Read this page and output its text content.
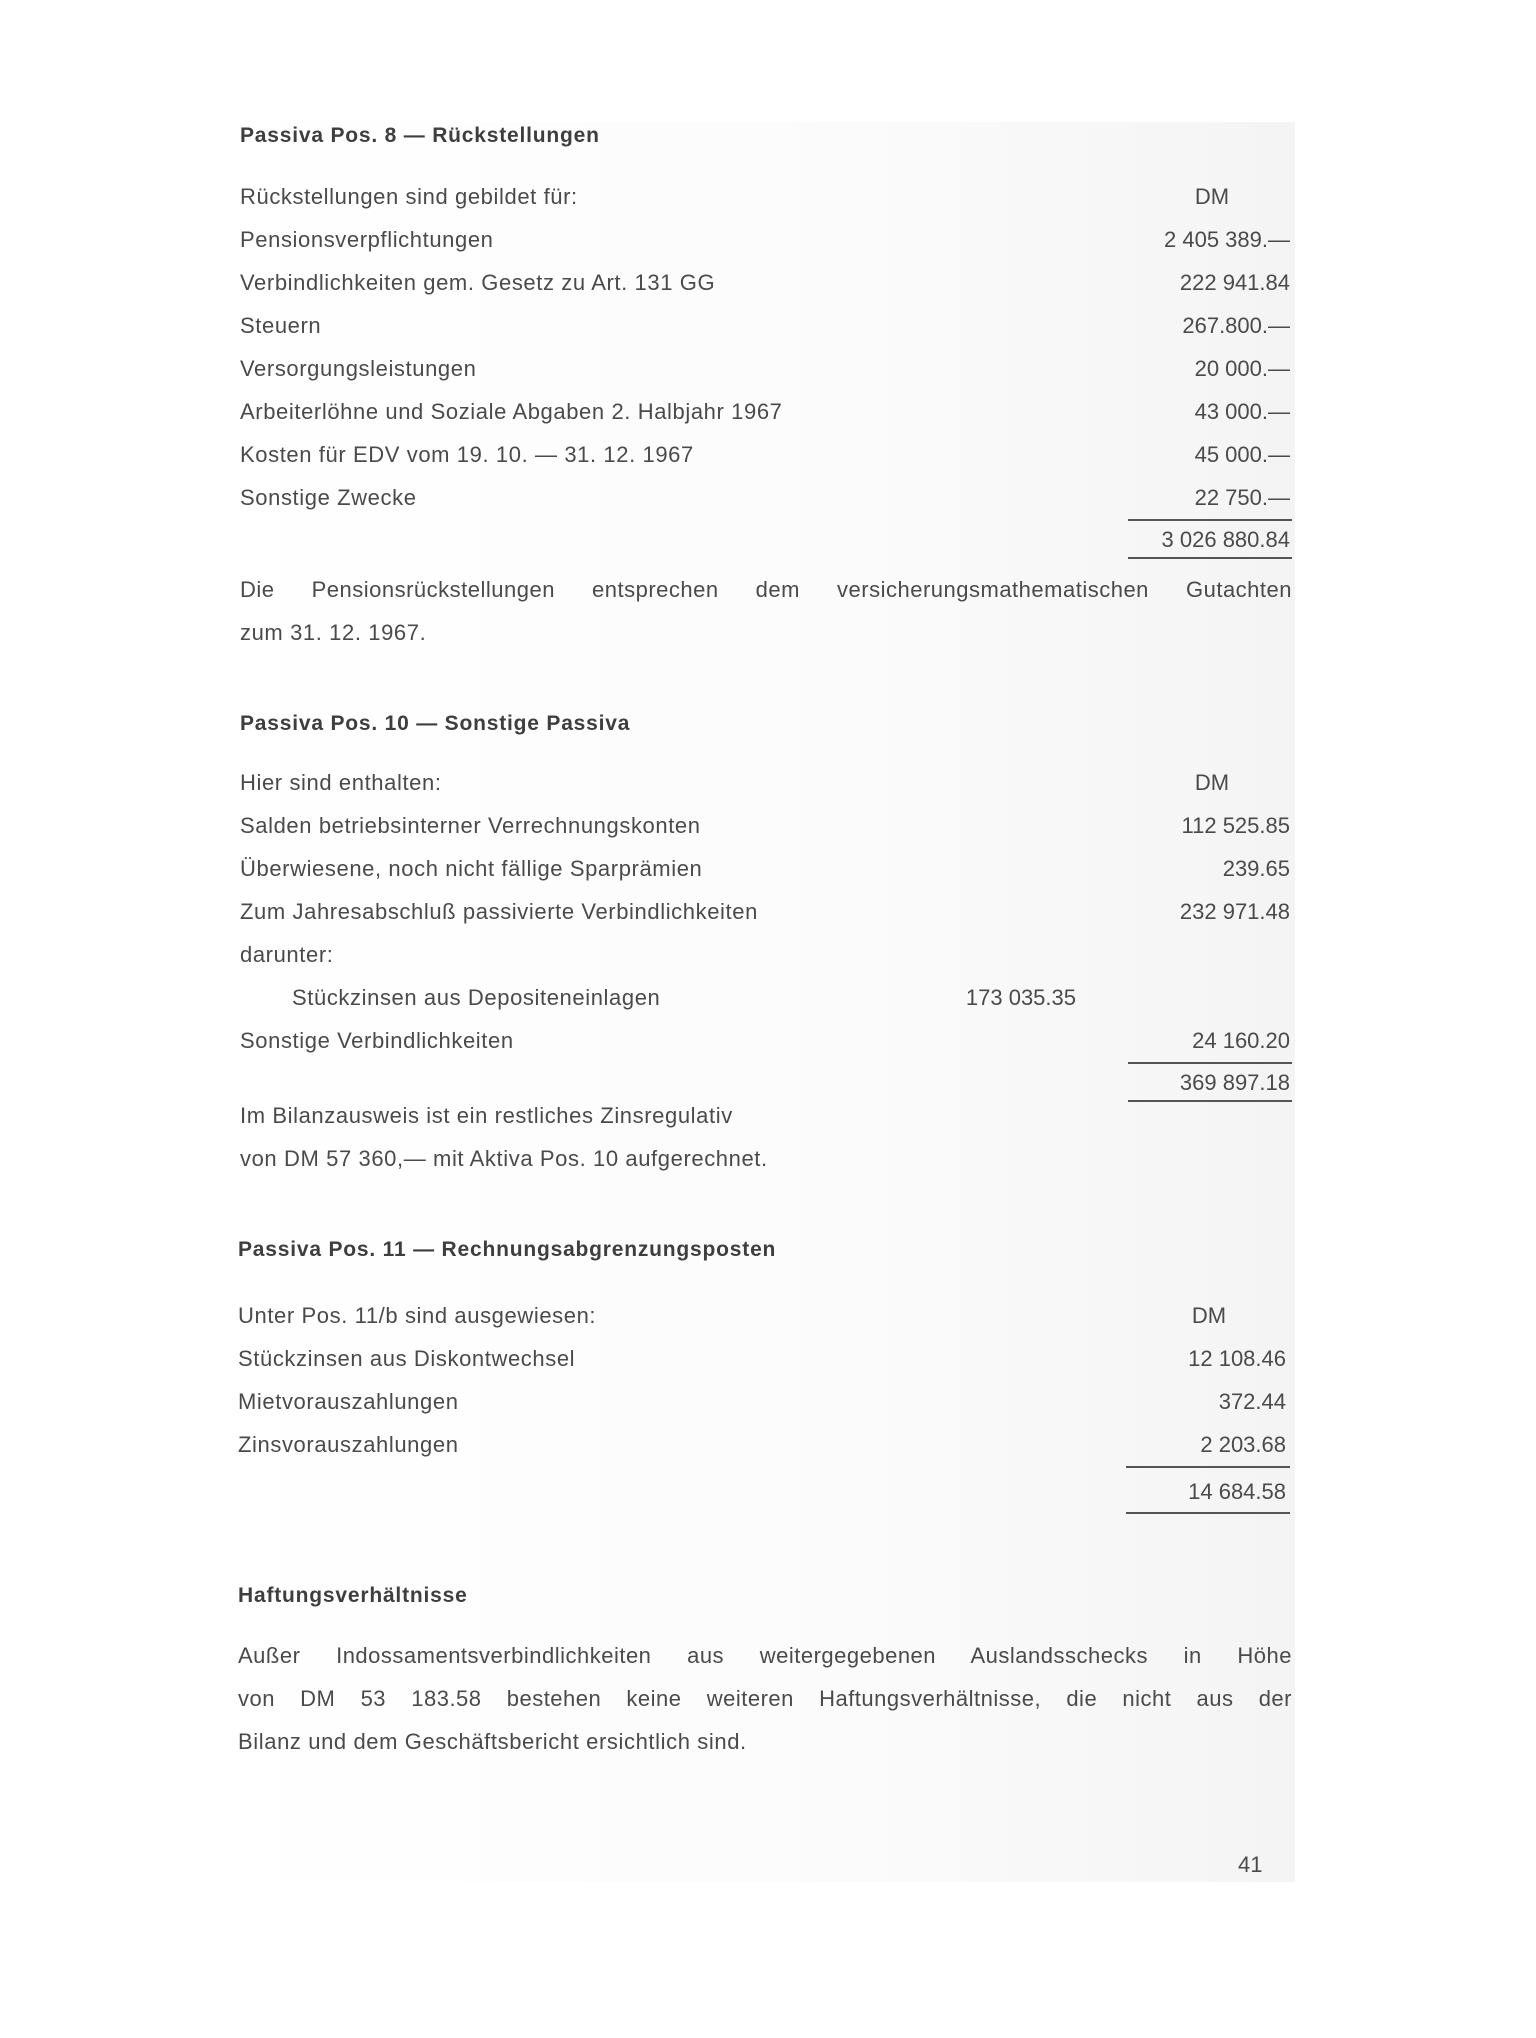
Passiva Pos. 8 — Rückstellungen
Rückstellungen sind gebildet für:	DM
Pensionsverpflichtungen	2 405 389.—
Verbindlichkeiten gem. Gesetz zu Art. 131 GG	222 941.84
Steuern	267.800.—
Versorgungsleistungen	20 000.—
Arbeiterlöhne und Soziale Abgaben 2. Halbjahr 1967	43 000.—
Kosten für EDV vom 19. 10. — 31. 12. 1967	45 000.—
Sonstige Zwecke	22 750.—
3 026 880.84
Die Pensionsrückstellungen entsprechen dem versicherungsmathematischen Gutachten
zum 31. 12. 1967.
Passiva Pos. 10 — Sonstige Passiva
Hier sind enthalten:	DM
Salden betriebsinterner Verrechnungskonten	112 525.85
Überwiesene, noch nicht fällige Sparprämien	239.65
Zum Jahresabschluß passivierte Verbindlichkeiten	232 971.48
darunter:
Stückzinsen aus Depositeneinlagen	173 035.35
Sonstige Verbindlichkeiten	24 160.20
369 897.18
Im Bilanzausweis ist ein restliches Zinsregulativ
von DM 57 360,— mit Aktiva Pos. 10 aufgerechnet.
Passiva Pos. 11 — Rechnungsabgrenzungsposten
Unter Pos. 11/b sind ausgewiesen:	DM
Stückzinsen aus Diskontwechsel	12 108.46
Mietvorauszahlungen	372.44
Zinsvorauszahlungen	2 203.68
14 684.58
Haftungsverhältnisse
Außer Indossamentsverbindlichkeiten aus weitergegebenen Auslandsschecks in Höhe
von DM 53 183.58 bestehen keine weiteren Haftungsverhältnisse, die nicht aus der
Bilanz und dem Geschäftsbericht ersichtlich sind.
41
